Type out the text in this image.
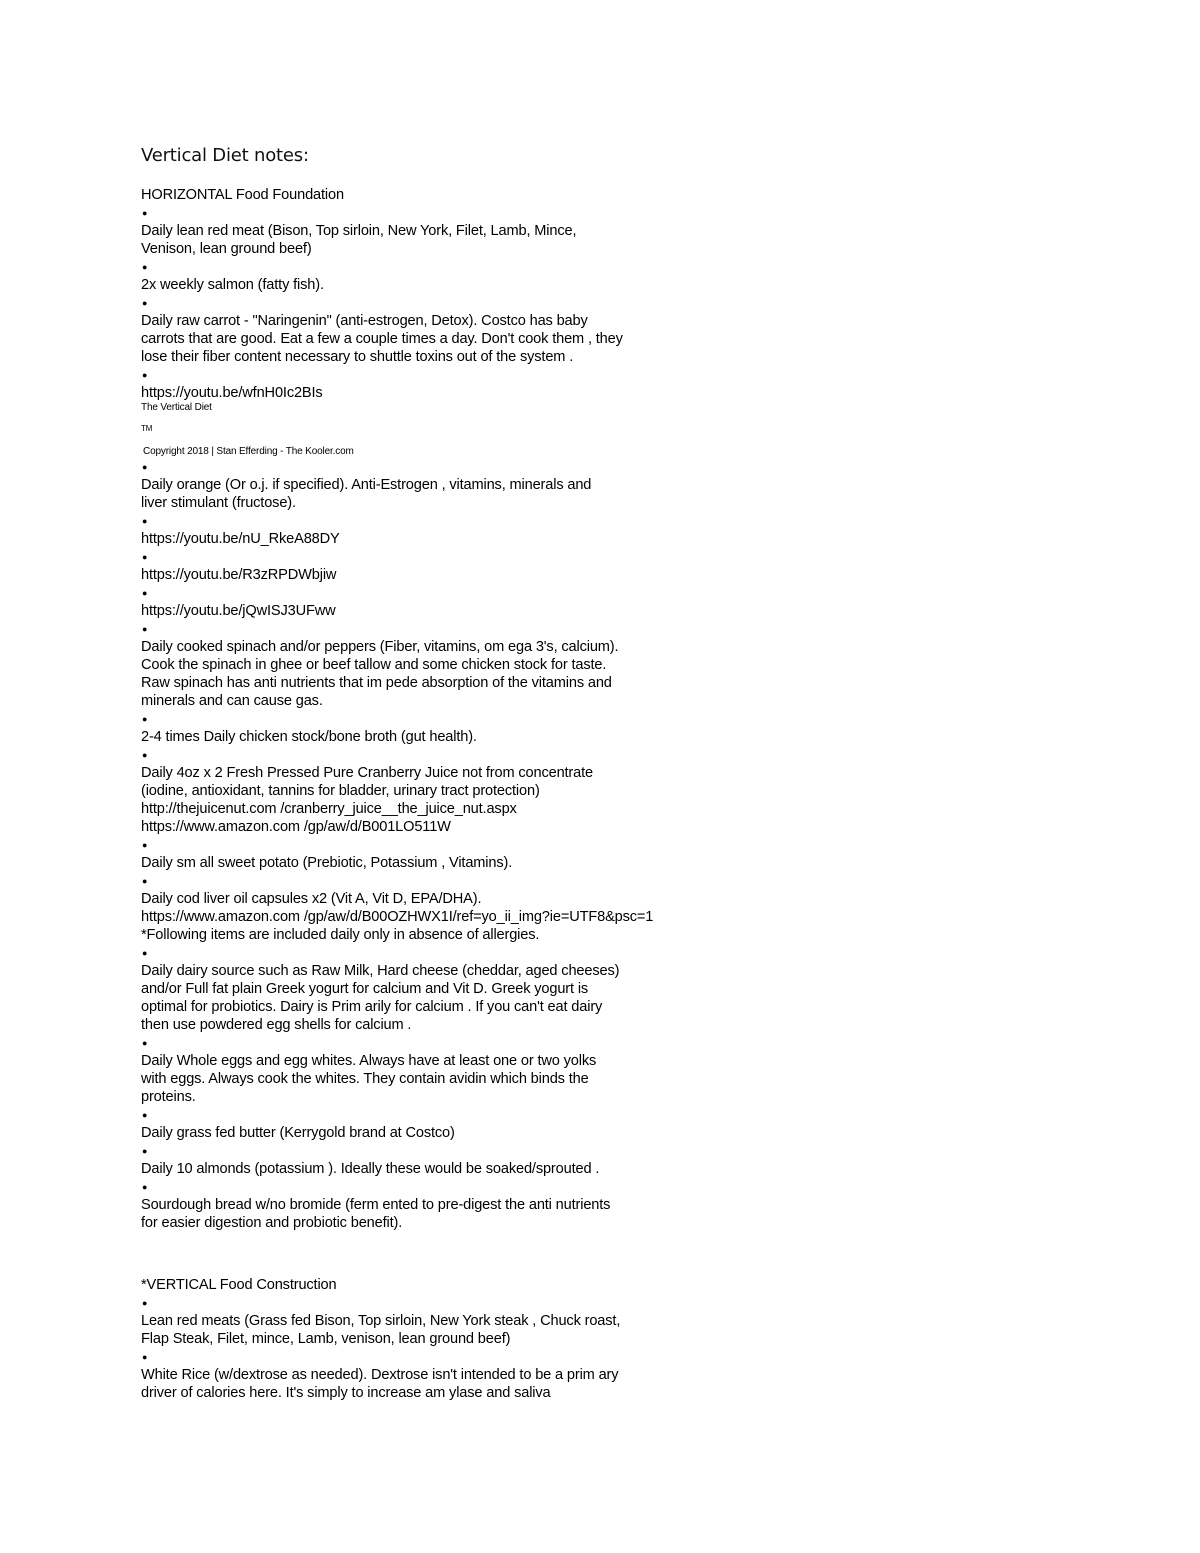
Vertical Diet notes:
HORIZONTAL Food Foundation
●
Daily lean red meat (Bison, Top sirloin, New York, Filet, Lamb, Mince,
Venison, lean ground beef)
●
2x weekly salmon (fatty fish).
●
Daily raw carrot - "Naringenin" (anti-estrogen, Detox). Costco has baby
carrots that are good. Eat a few a couple times a day. Don't cook them , they
lose their fiber content necessary to shuttle toxins out of the system .
●
https://youtu.be/wfnH0Ic2BIs
The Vertical Diet
TM
Copyright 2018 | Stan Efferding - The Kooler.com
●
Daily orange (Or o.j. if specified). Anti-Estrogen , vitamins, minerals and
liver stimulant (fructose).
●
https://youtu.be/nU_RkeA88DY
●
https://youtu.be/R3zRPDWbjiw
●
https://youtu.be/jQwISJ3UFww
●
Daily cooked spinach and/or peppers (Fiber, vitamins, om ega 3's, calcium).
Cook the spinach in ghee or beef tallow and some chicken stock for taste.
Raw spinach has anti nutrients that im pede absorption of the vitamins and
minerals and can cause gas.
●
2-4 times Daily chicken stock/bone broth (gut health).
●
Daily 4oz x 2 Fresh Pressed Pure Cranberry Juice not from concentrate
(iodine, antioxidant, tannins for bladder, urinary tract protection)
http://thejuicenut.com /cranberry_juice__the_juice_nut.aspx
https://www.amazon.com /gp/aw/d/B001LO511W
●
Daily sm all sweet potato (Prebiotic, Potassium , Vitamins).
●
Daily cod liver oil capsules x2 (Vit A, Vit D, EPA/DHA).
https://www.amazon.com /gp/aw/d/B00OZHWX1I/ref=yo_ii_img?ie=UTF8&psc=1
*Following items are included daily only in absence of allergies.
●
Daily dairy source such as Raw Milk, Hard cheese (cheddar, aged cheeses)
and/or Full fat plain Greek yogurt for calcium and Vit D. Greek yogurt is
optimal for probiotics. Dairy is Prim arily for calcium . If you can't eat dairy
then use powdered egg shells for calcium .
●
Daily Whole eggs and egg whites. Always have at least one or two yolks
with eggs. Always cook the whites. They contain avidin which binds the
proteins.
●
Daily grass fed butter (Kerrygold brand at Costco)
●
Daily 10 almonds (potassium ). Ideally these would be soaked/sprouted .
●
Sourdough bread w/no bromide (ferm ented to pre-digest the anti nutrients
for easier digestion and probiotic benefit).
*VERTICAL Food Construction
●
Lean red meats (Grass fed Bison, Top sirloin, New York steak , Chuck roast,
Flap Steak, Filet, mince, Lamb, venison, lean ground beef)
●
White Rice (w/dextrose as needed). Dextrose isn't intended to be a prim ary
driver of calories here. It's simply to increase am ylase and saliva
